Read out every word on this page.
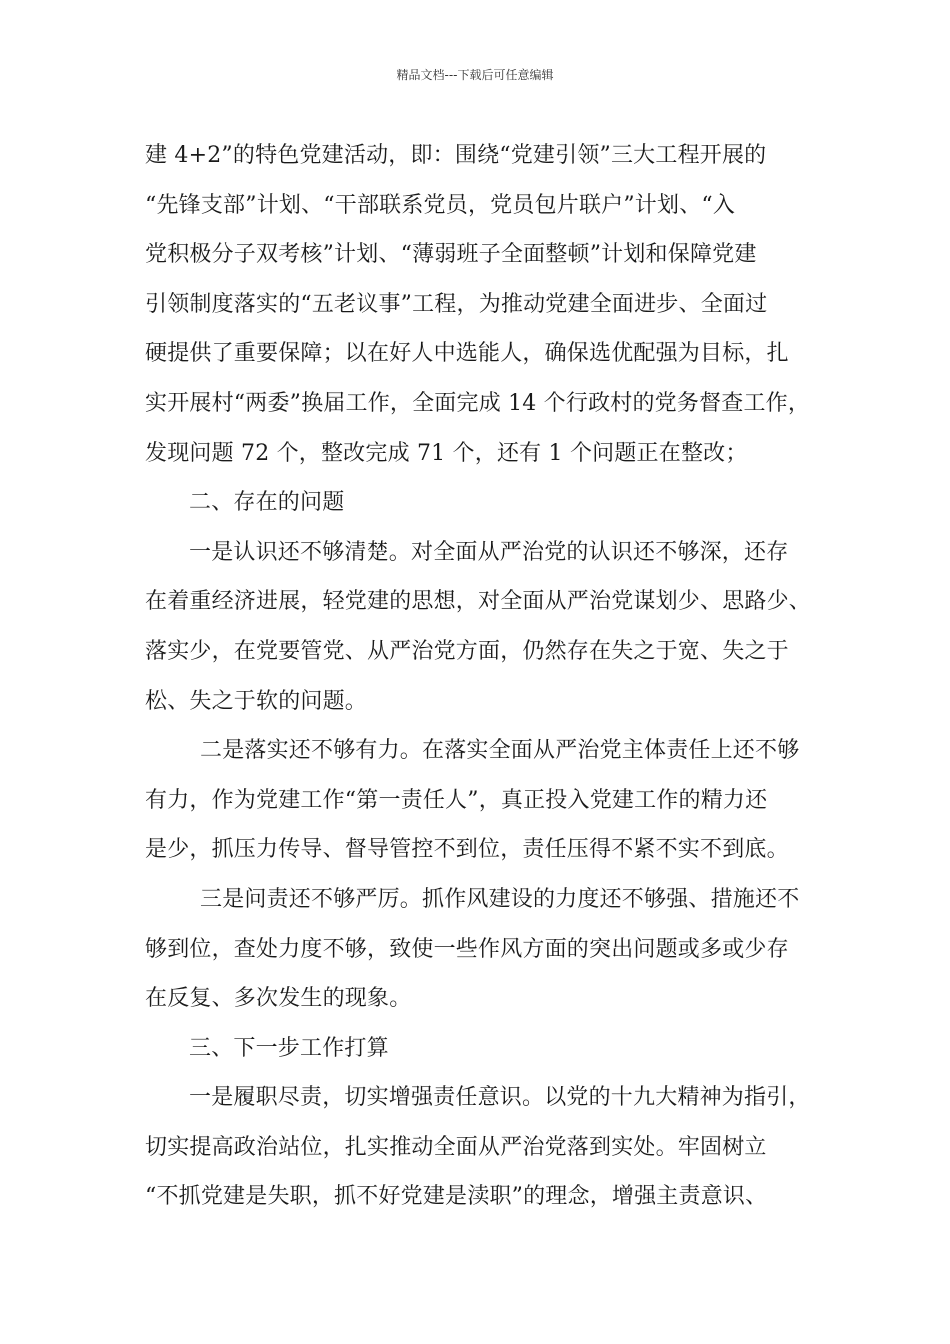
精品文档---下载后可任意编辑
建 4+2”的特色党建活动，即：围绕“党建引领”三大工程开展的
“先锋支部”计划、“干部联系党员，党员包片联户”计划、“入
党积极分子双考核”计划、“薄弱班子全面整顿”计划和保障党建
引领制度落实的“五老议事”工程，为推动党建全面进步、全面过
硬提供了重要保障；以在好人中选能人，确保选优配强为目标，扎
实开展村“两委”换届工作，全面完成 14 个行政村的党务督查工作，
发现问题 72 个，整改完成 71 个，还有 1 个问题正在整改；
二、存在的问题
一是认识还不够清楚。对全面从严治党的认识还不够深，还存
在着重经济进展，轻党建的思想，对全面从严治党谋划少、思路少、
落实少，在党要管党、从严治党方面，仍然存在失之于宽、失之于
松、失之于软的问题。
二是落实还不够有力。在落实全面从严治党主体责任上还不够
有力，作为党建工作“第一责任人”，真正投入党建工作的精力还
是少，抓压力传导、督导管控不到位，责任压得不紧不实不到底。
三是问责还不够严厉。抓作风建设的力度还不够强、措施还不
够到位，查处力度不够，致使一些作风方面的突出问题或多或少存
在反复、多次发生的现象。
三、下一步工作打算
一是履职尽责，切实增强责任意识。以党的十九大精神为指引，
切实提高政治站位，扎实推动全面从严治党落到实处。牢固树立
“不抓党建是失职，抓不好党建是渎职”的理念，增强主责意识、
